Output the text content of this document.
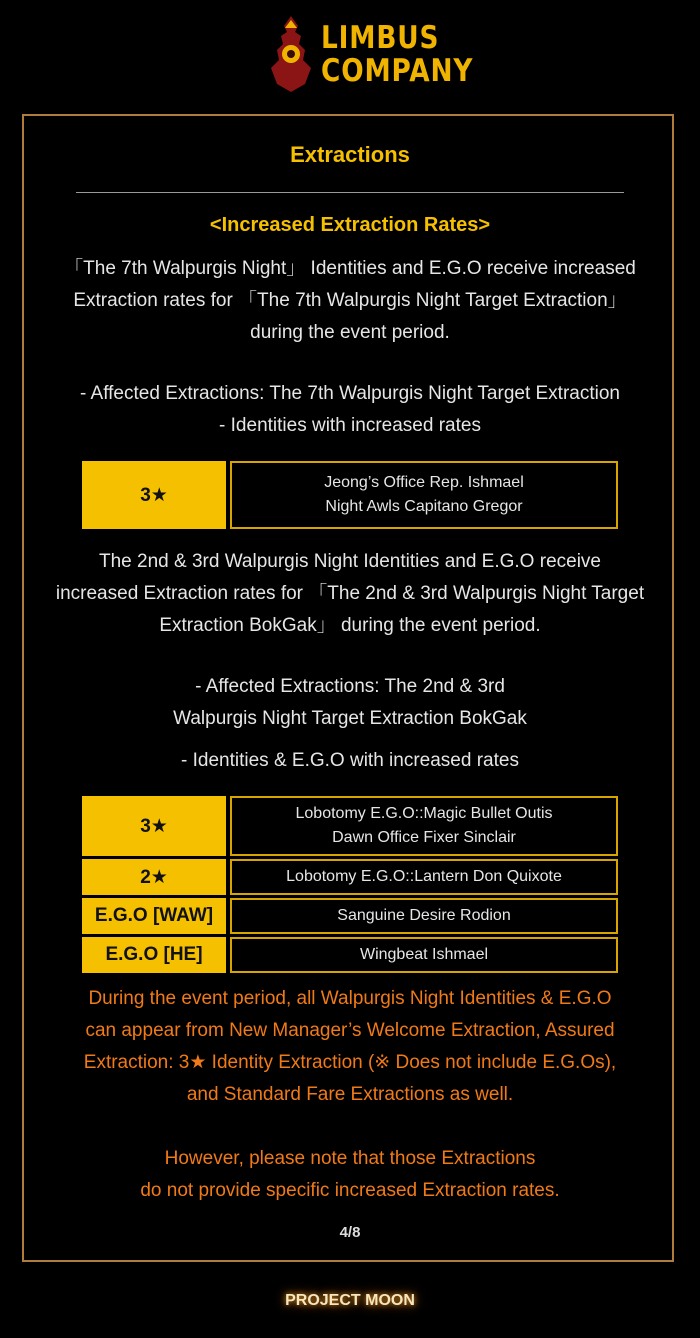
LIMBUS
COMPANY
Extractions
<Increased Extraction Rates>
「The 7th Walpurgis Night」 Identities and E.G.O receive increased
Extraction rates for 「The 7th Walpurgis Night Target Extraction」
during the event period.
- Affected Extractions: The 7th Walpurgis Night Target Extraction
- Identities with increased rates
3★		
Jeong’s Office Rep. Ishmael
Night Awls Capitano Gregor
The 2nd & 3rd Walpurgis Night Identities and E.G.O receive
increased Extraction rates for 「The 2nd & 3rd Walpurgis Night Target
Extraction BokGak」 during the event period.
- Affected Extractions: The 2nd & 3rd
Walpurgis Night Target Extraction BokGak
- Identities & E.G.O with increased rates
3★		Lobotomy E.G.O::Magic Bullet Outis
Dawn Office Fixer Sinclair

2★		Lobotomy E.G.O::Lantern Don Quixote

E.G.O [WAW]		Sanguine Desire Rodion

E.G.O [HE]		Wingbeat Ishmael
During the event period, all Walpurgis Night Identities & E.G.O
can appear from New Manager’s Welcome Extraction, Assured
Extraction: 3★ Identity Extraction (※ Does not include E.G.Os),
and Standard Fare Extractions as well.
However, please note that those Extractions
do not provide specific increased Extraction rates.
4/8
PROJECT MOON
